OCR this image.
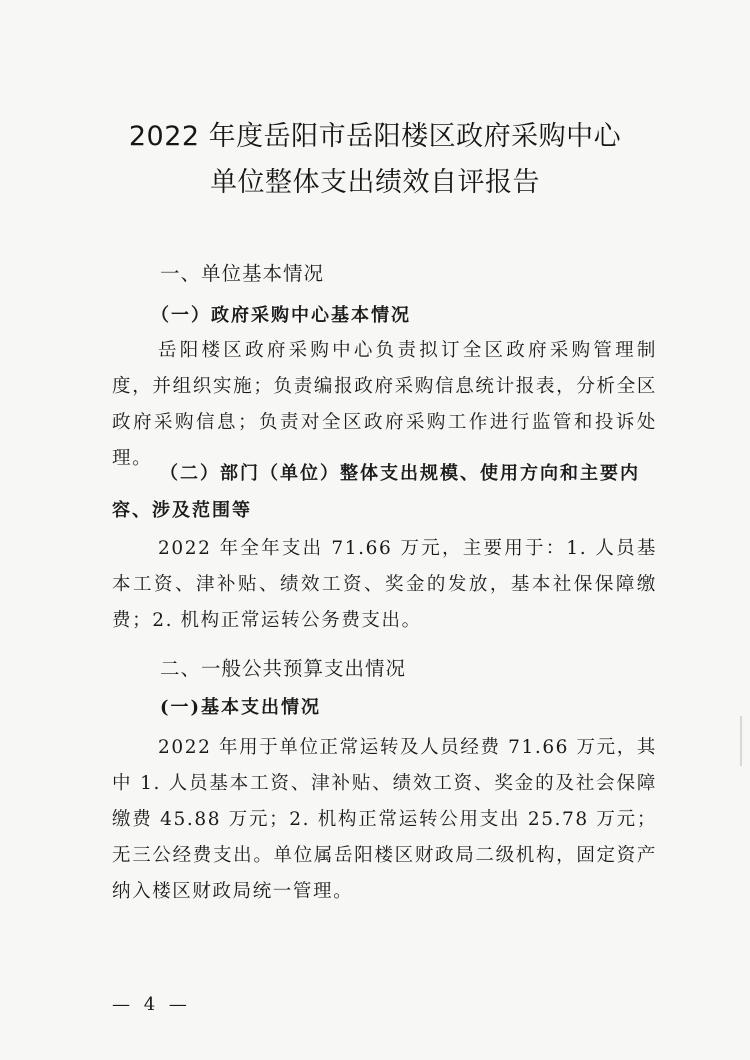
2022 年度岳阳市岳阳楼区政府采购中心
单位整体支出绩效自评报告
一、单位基本情况
（一）政府采购中心基本情况
岳阳楼区政府采购中心负责拟订全区政府采购管理制度，并组织实施；负责编报政府采购信息统计报表，分析全区政府采购信息；负责对全区政府采购工作进行监管和投诉处理。
（二）部门（单位）整体支出规模、使用方向和主要内
容、涉及范围等
2022 年全年支出 71.66 万元，主要用于：1. 人员基本工资、津补贴、绩效工资、奖金的发放，基本社保保障缴费；2. 机构正常运转公务费支出。
二、一般公共预算支出情况
(一)基本支出情况
2022 年用于单位正常运转及人员经费 71.66 万元，其中 1. 人员基本工资、津补贴、绩效工资、奖金的及社会保障缴费 45.88 万元；2. 机构正常运转公用支出 25.78 万元；无三公经费支出。单位属岳阳楼区财政局二级机构，固定资产纳入楼区财政局统一管理。
— 4 —
